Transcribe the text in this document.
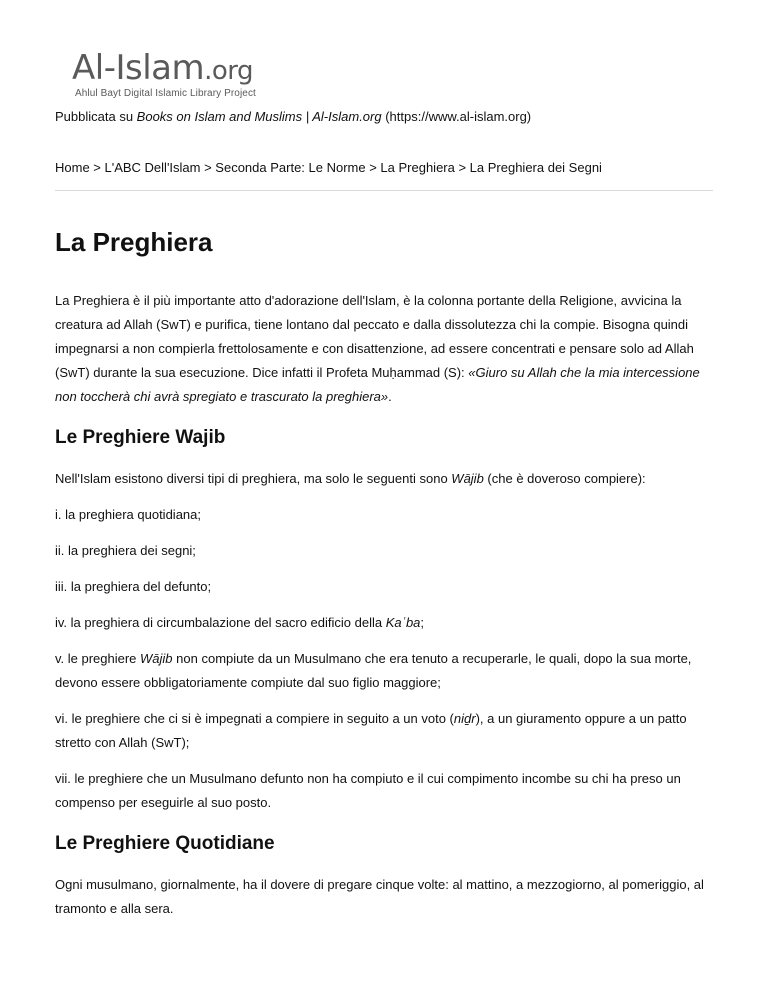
Al-Islam.org
Ahlul Bayt Digital Islamic Library Project
Pubblicata su Books on Islam and Muslims | Al-Islam.org (https://www.al-islam.org)
Home > L'ABC Dell'Islam > Seconda Parte: Le Norme > La Preghiera > La Preghiera dei Segni
La Preghiera

La Preghiera è il più importante atto d'adorazione dell'Islam, è la colonna portante della Religione, avvicina la creatura ad Allah (SwT) e purifica, tiene lontano dal peccato e dalla dissolutezza chi la compie. Bisogna quindi impegnarsi a non compierla frettolosamente e con disattenzione, ad essere concentrati e pensare solo ad Allah (SwT) durante la sua esecuzione. Dice infatti il Profeta Muḥammad (S): «Giuro su Allah che la mia intercessione non toccherà chi avrà spregiato e trascurato la preghiera».

Le Preghiere Wajib

Nell'Islam esistono diversi tipi di preghiera, ma solo le seguenti sono Wājib (che è doveroso compiere):

i. la preghiera quotidiana;

ii. la preghiera dei segni;

iii. la preghiera del defunto;

iv. la preghiera di circumbalazione del sacro edificio della Kaʿba;

v. le preghiere Wājib non compiute da un Musulmano che era tenuto a recuperarle, le quali, dopo la sua morte, devono essere obbligatoriamente compiute dal suo figlio maggiore;

vi. le preghiere che ci si è impegnati a compiere in seguito a un voto (niḏr), a un giuramento oppure a un patto stretto con Allah (SwT);

vii. le preghiere che un Musulmano defunto non ha compiuto e il cui compimento incombe su chi ha preso un compenso per eseguirle al suo posto.

Le Preghiere Quotidiane

Ogni musulmano, giornalmente, ha il dovere di pregare cinque volte: al mattino, a mezzogiorno, al pomeriggio, al tramonto e alla sera.
